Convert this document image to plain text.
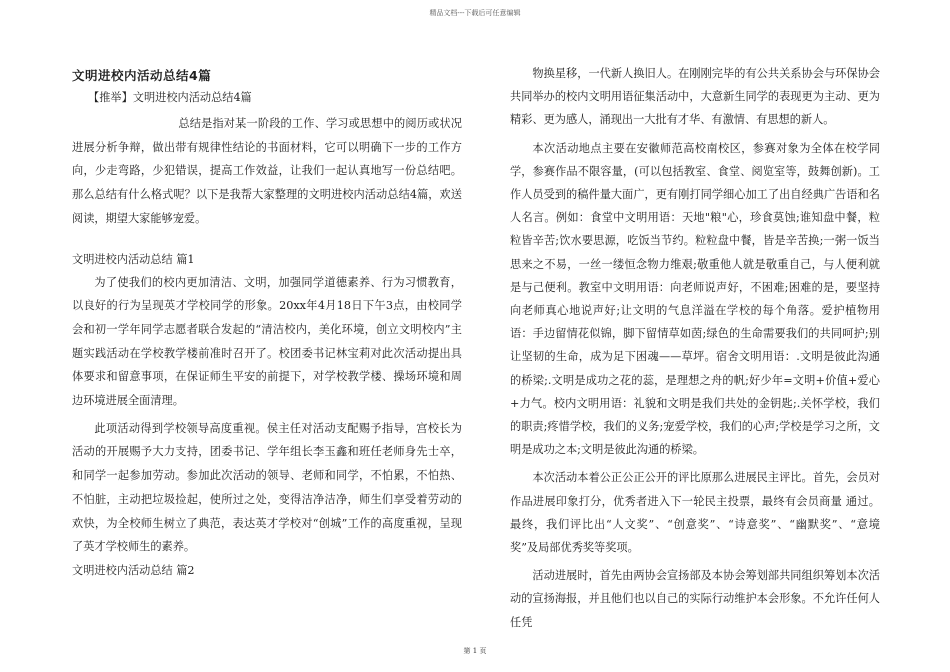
精品文档---下载后可任意编辑
文明进校内活动总结4篇
【推举】文明进校内活动总结4篇

总结是指对某一阶段的工作、学习或思想中的阅历或状况进展分析争辩，做出带有规律性结论的书面材料，它可以明确下一步的工作方向，少走弯路，少犯错误，提高工作效益，让我们一起认真地写一份总结吧。那么总结有什么格式呢？以下是我帮大家整理的文明进校内活动总结4篇，欢送阅读，期望大家能够宠爱。

文明进校内活动总结 篇1

为了使我们的校内更加清洁、文明，加强同学道德素养、行为习惯教育，以良好的行为呈现英才学校同学的形象。20xx年4月18日下午3点，由校同学会和初一学年同学志愿者联合发起的“清洁校内，美化环境，创立文明校内”主题实践活动在学校教学楼前准时召开了。校团委书记林宝莉对此次活动提出具体要求和留意事项，在保证师生平安的前提下，对学校教学楼、操场环境和周边环境进展全面清理。

此项活动得到学校领导高度重视。侯主任对活动支配赐予指导，宫校长为活动的开展赐予大力支持，团委书记、学年组长李玉鑫和班任老师身先士卒，和同学一起参加劳动。参加此次活动的领导、老师和同学，不怕累，不怕热、不怕脏，主动把垃圾捡起，使所过之处，变得洁净洁净，师生们享受着劳动的欢快，为全校师生树立了典范，表达英才学校对“创城”工作的高度重视，呈现了英才学校师生的素养。

文明进校内活动总结 篇2

物换星移，一代新人换旧人。在刚刚完毕的有公共关系协会与环保协会共同举办的校内文明用语征集活动中，大意新生同学的表现更为主动、更为精彩、更为感人，涌现出一大批有才华、有激情、有思想的新人。

本次活动地点主要在安徽师范高校南校区，参赛对象为全体在校学同学，参赛作品不限容量，(可以包括教室、食堂、阅览室等，鼓舞创新)。工作人员受到的稿件量大面广，更有刚打同学细心加工了出自经典广告语和名人名言。例如：食堂中文明用语：天地"粮"心，珍食莫蚀;谁知盘中餐，粒粒皆辛苦;饮水要思源，吃饭当节约。粒粒盘中餐，皆是辛苦换;一粥一饭当思来之不易，一丝一缕恒念物力维艰;敬重他人就是敬重自己，与人便利就是与己便利。教室中文明用语：向老师说声好，不困难;困难的是，要坚持向老师真心地说声好;让文明的气息洋溢在学校的每个角落。爱护植物用语：手边留情花似锦，脚下留情草如茵;绿色的生命需要我们的共同呵护;别让坚韧的生命，成为足下困魂——草坪。宿舍文明用语：.文明是彼此沟通的桥梁;.文明是成功之花的蕊，是理想之舟的帆;好少年=文明+价值+爱心+力气。校内文明用语：礼貌和文明是我们共处的金钥匙;.关怀学校，我们的职责;疼惜学校，我们的义务;宠爱学校，我们的心声;学校是学习之所，文明是成功之本;文明是彼此沟通的桥梁。

本次活动本着公正公正公开的评比原那么进展民主评比。首先，会员对作品进展印象打分，优秀者进入下一轮民主投票，最终有会员商量 通过。最终，我们评比出“人文奖”、“创意奖”、“诗意奖”、“幽默奖”、“意境奖”及局部优秀奖等奖项。

活动进展时，首先由两协会宣扬部及本协会筹划部共同组织筹划本次活动的宣扬海报，并且他们也以自己的实际行动维护本会形象。不允许任何人任凭

第 1 页
